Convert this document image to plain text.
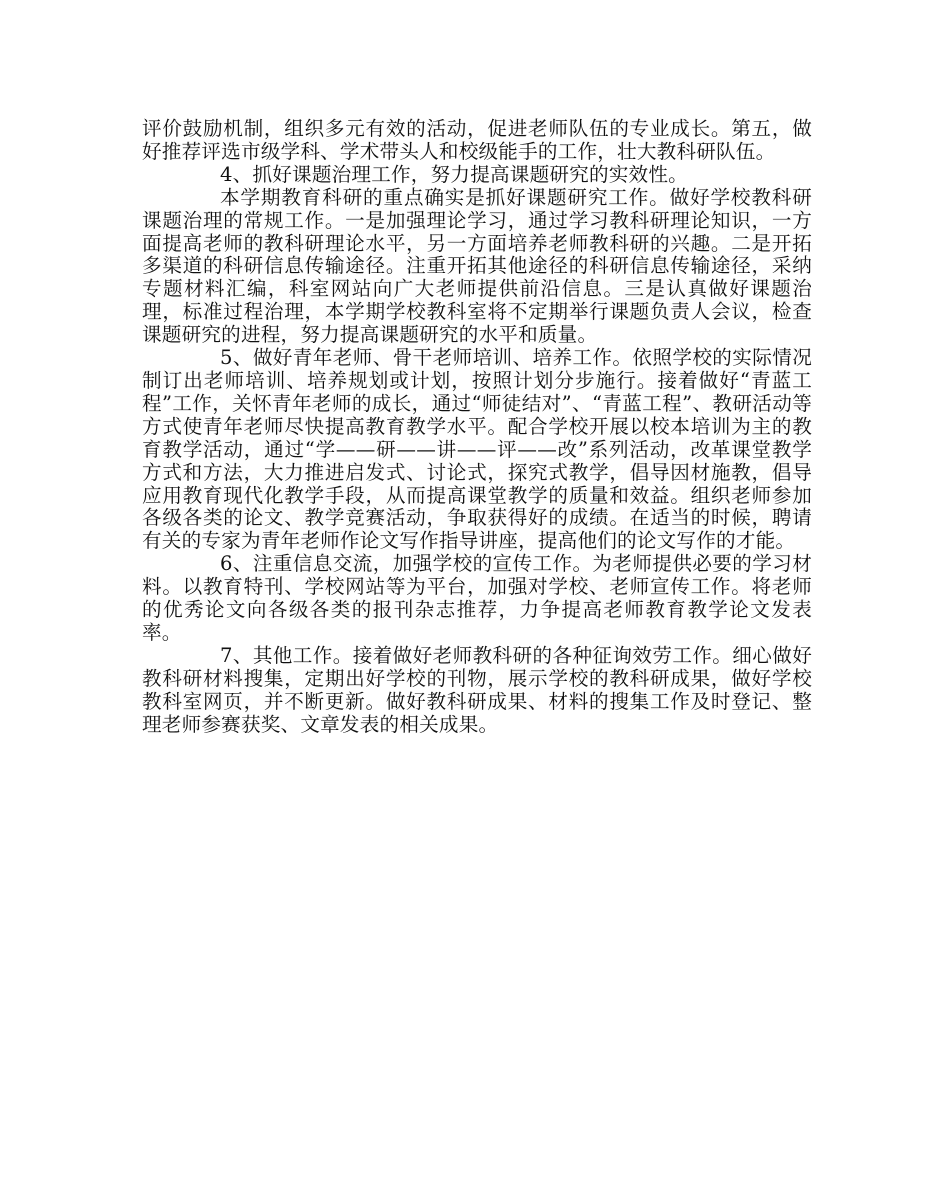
评价鼓励机制，组织多元有效的活动，促进老师队伍的专业成长。第五，做好推荐评选市级学科、学术带头人和校级能手的工作，壮大教科研队伍。

4、抓好课题治理工作，努力提高课题研究的实效性。

本学期教育科研的重点确实是抓好课题研究工作。做好学校教科研课题治理的常规工作。一是加强理论学习，通过学习教科研理论知识，一方面提高老师的教科研理论水平，另一方面培养老师教科研的兴趣。二是开拓多渠道的科研信息传输途径。注重开拓其他途径的科研信息传输途径，采纳专题材料汇编，科室网站向广大老师提供前沿信息。三是认真做好课题治理，标准过程治理，本学期学校教科室将不定期举行课题负责人会议，检查课题研究的进程，努力提高课题研究的水平和质量。

5、做好青年老师、骨干老师培训、培养工作。依照学校的实际情况制订出老师培训、培养规划或计划，按照计划分步施行。接着做好“青蓝工程”工作，关怀青年老师的成长，通过“师徒结对”、“青蓝工程”、教研活动等方式使青年老师尽快提高教育教学水平。配合学校开展以校本培训为主的教育教学活动，通过“学——研——讲——评——改”系列活动，改革课堂教学方式和方法，大力推进启发式、讨论式，探究式教学，倡导因材施教，倡导应用教育现代化教学手段，从而提高课堂教学的质量和效益。组织老师参加各级各类的论文、教学竞赛活动，争取获得好的成绩。在适当的时候，聘请有关的专家为青年老师作论文写作指导讲座，提高他们的论文写作的才能。

6、注重信息交流，加强学校的宣传工作。为老师提供必要的学习材料。以教育特刊、学校网站等为平台，加强对学校、老师宣传工作。将老师的优秀论文向各级各类的报刊杂志推荐，力争提高老师教育教学论文发表率。

7、其他工作。接着做好老师教科研的各种征询效劳工作。细心做好教科研材料搜集，定期出好学校的刊物，展示学校的教科研成果，做好学校教科室网页，并不断更新。做好教科研成果、材料的搜集工作及时登记、整理老师参赛获奖、文章发表的相关成果。
